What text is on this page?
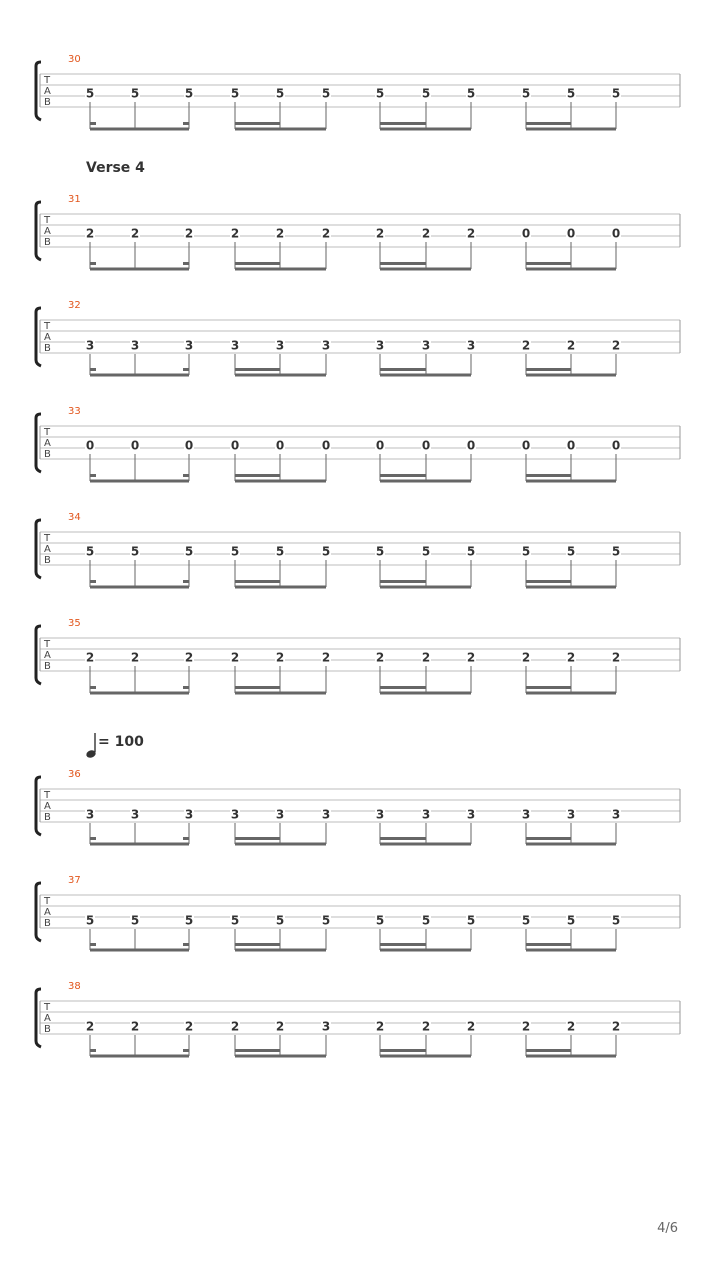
30
T
A
B
5	5	5	5	5	5	5	5	5	5	5	5
31
T
A
B
2	2	2	2	2	2	2	2	2	0	0	0
32
T
A
B	3	3	3	3	3	3	3	3	3	2	2	2
33
T
A
B
0	0	0	0	0	0	0	0	0	0	0	0
34
T
A
B
5	5	5	5	5	5	5	5	5	5	5	5
35
T
A
B
2	2	2	2	2	2	2	2	2	2	2	2
36
T
A
B	3	3	3	3	3	3	3	3	3	3	3	3
37
T
A
B	5	5	5	5	5	5	5	5	5	5	5	5
38
T
A
B	2	2	2	2	2	3	2	2	2	2	2	2
Verse 4
= 100
4/6
